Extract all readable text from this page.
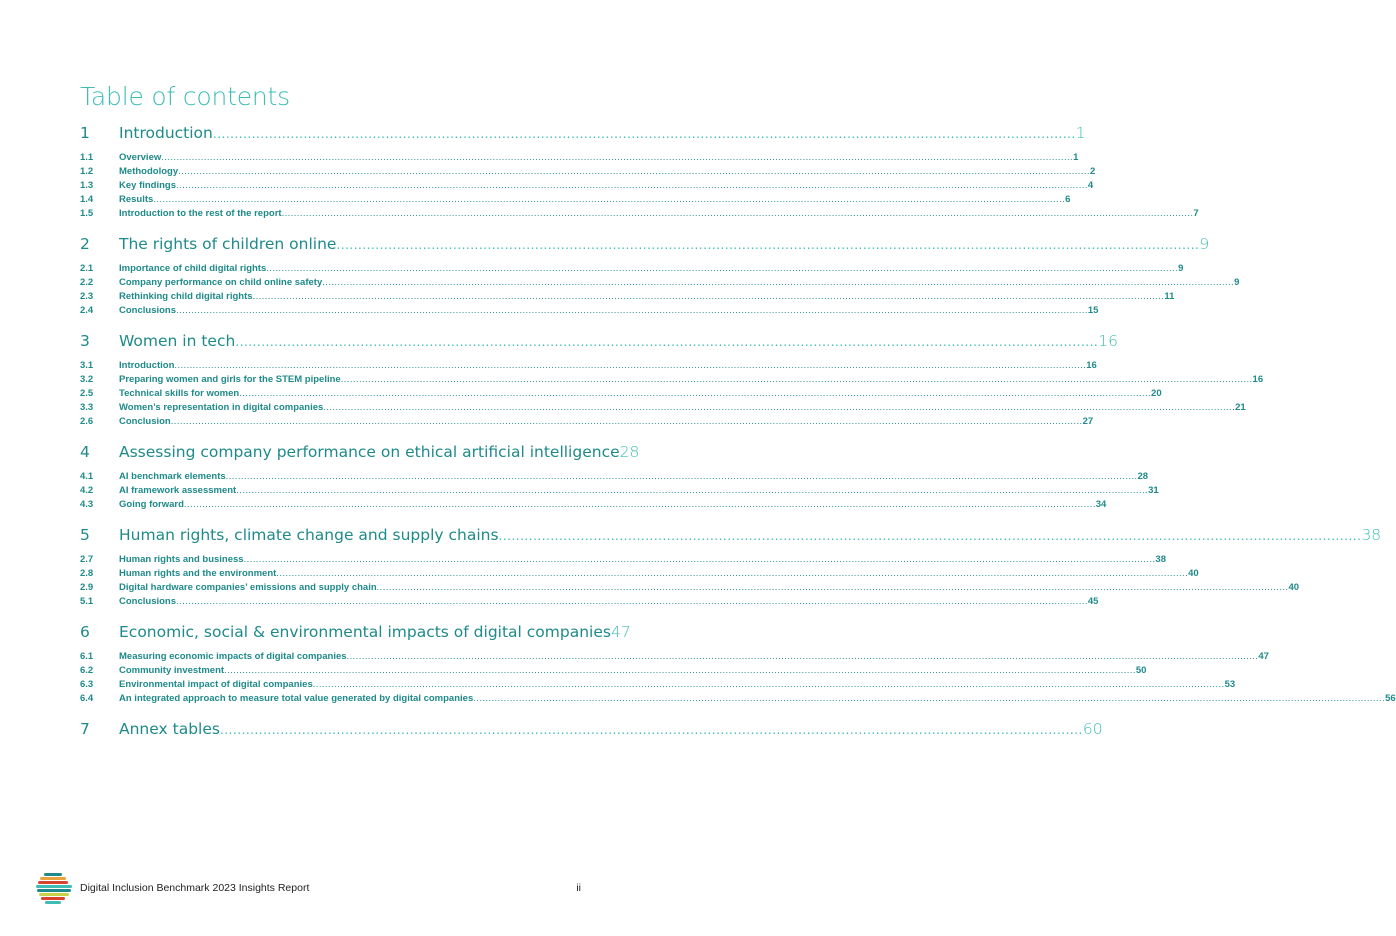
Table of contents
1	Introduction ........................................................................................................................................................................................................ 1
1.1	Overview ............................................................................................................................................................................................................................................................................................................ 1
1.2	Methodology ............................................................................................................................................................................................................................................................................................................ 2
1.3	Key findings ............................................................................................................................................................................................................................................................................................................ 4
1.4	Results ............................................................................................................................................................................................................................................................................................................ 6
1.5	Introduction to the rest of the report ............................................................................................................................................................................................................................................................................................................ 7
2	The rights of children online ........................................................................................................................................................................................................ 9
2.1	Importance of child digital rights ............................................................................................................................................................................................................................................................................................................ 9
2.2	Company performance on child online safety ............................................................................................................................................................................................................................................................................................................ 9
2.3	Rethinking child digital rights ............................................................................................................................................................................................................................................................................................................ 11
2.4	Conclusions ............................................................................................................................................................................................................................................................................................................ 15
3	Women in tech ........................................................................................................................................................................................................ 16
3.1	Introduction ............................................................................................................................................................................................................................................................................................................ 16
3.2	Preparing women and girls for the STEM pipeline ............................................................................................................................................................................................................................................................................................................ 16
2.5	Technical skills for women ............................................................................................................................................................................................................................................................................................................ 20
3.3	Women’s representation in digital companies ............................................................................................................................................................................................................................................................................................................ 21
2.6	Conclusion ............................................................................................................................................................................................................................................................................................................ 27
4	Assessing company performance on ethical artificial intelligence 28
4.1	AI benchmark elements ............................................................................................................................................................................................................................................................................................................ 28
4.2	AI framework assessment ............................................................................................................................................................................................................................................................................................................ 31
4.3	Going forward ............................................................................................................................................................................................................................................................................................................ 34
5	Human rights, climate change and supply chains ........................................................................................................................................................................................................ 38
2.7	Human rights and business ............................................................................................................................................................................................................................................................................................................ 38
2.8	Human rights and the environment ............................................................................................................................................................................................................................................................................................................ 40
2.9	Digital hardware companies’ emissions and supply chain ............................................................................................................................................................................................................................................................................................................ 40
5.1	Conclusions ............................................................................................................................................................................................................................................................................................................ 45
6	Economic, social & environmental impacts of digital companies 47
6.1	Measuring economic impacts of digital companies ............................................................................................................................................................................................................................................................................................................ 47
6.2	Community investment ............................................................................................................................................................................................................................................................................................................ 50
6.3	Environmental impact of digital companies ............................................................................................................................................................................................................................................................................................................ 53
6.4	An integrated approach to measure total value generated by digital companies ............................................................................................................................................................................................................................................................................................................ 56
7	Annex tables ........................................................................................................................................................................................................ 60
Digital Inclusion Benchmark 2023 Insights Report	ii
